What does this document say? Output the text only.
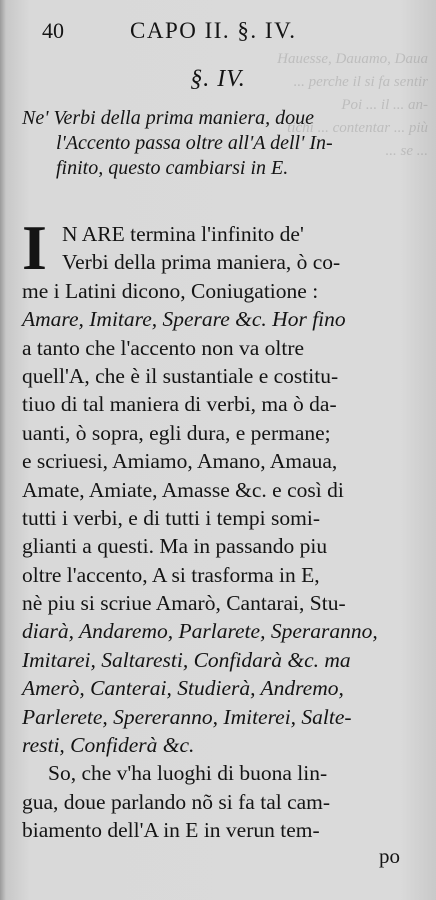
Hauesse, Dauamo, Daua
... perche il si fa sentir
Poi ... il ... an-
tichi ... contentar ... più
... se ...
40	CAPO II. §. IV.
§. IV.
Ne' Verbi della prima maniera, doue
l'Accento passa oltre all'A dell' In-
finito, questo cambiarsi in E.
I N ARE termina l'infinito de'
Verbi della prima maniera, ò co-
me i Latini dicono, Coniugatione :
Amare, Imitare, Sperare &c. Hor fino
a tanto che l'accento non va oltre
quell'A, che è il sustantiale e costitu-
tiuo di tal maniera di verbi, ma ò da-
uanti, ò sopra, egli dura, e permane;
e scriuesi, Amiamo, Amano, Amaua,
Amate, Amiate, Amasse &c. e così di
tutti i verbi, e di tutti i tempi somi-
glianti a questi. Ma in passando piu
oltre l'accento, A si trasforma in E,
nè piu si scriue Amarò, Cantarai, Stu-
diarà, Andaremo, Parlarete, Speraranno,
Imitarei, Saltaresti, Confidarà &c. ma
Amerò, Canterai, Studierà, Andremo,
Parlerete, Spereranno, Imiterei, Salte-
resti, Confiderà &c.
So, che v'ha luoghi di buona lin-
gua, doue parlando nõ si fa tal cam-
biamento dell'A in E in verun tem-
po
